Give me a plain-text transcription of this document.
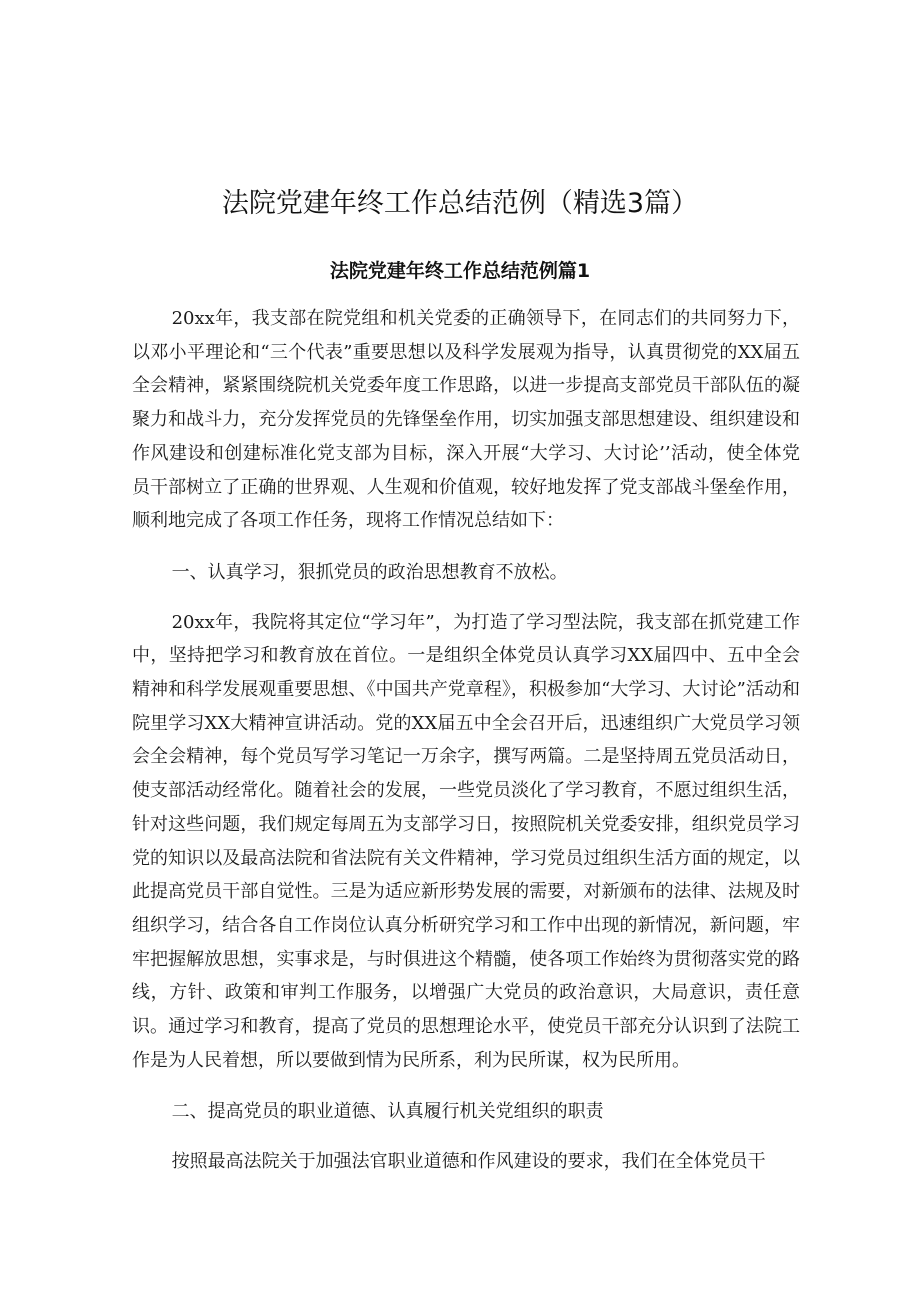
法院党建年终工作总结范例（精选3篇）
法院党建年终工作总结范例篇1

20xx年，我支部在院党组和机关党委的正确领导下，在同志们的共同努力下，以邓小平理论和“三个代表”重要思想以及科学发展观为指导，认真贯彻党的XX届五全会精神，紧紧围绕院机关党委年度工作思路，以进一步提高支部党员干部队伍的凝聚力和战斗力，充分发挥党员的先锋堡垒作用，切实加强支部思想建设、组织建设和作风建设和创建标准化党支部为目标，深入开展“大学习、大讨论’’活动，使全体党员干部树立了正确的世界观、人生观和价值观，较好地发挥了党支部战斗堡垒作用，顺利地完成了各项工作任务，现将工作情况总结如下：

一、认真学习，狠抓党员的政治思想教育不放松。

20xx年，我院将其定位“学习年”，为打造了学习型法院，我支部在抓党建工作中，坚持把学习和教育放在首位。一是组织全体党员认真学习XX届四中、五中全会精神和科学发展观重要思想、《中国共产党章程》，积极参加“大学习、大讨论”活动和院里学习XX大精神宣讲活动。党的XX届五中全会召开后，迅速组织广大党员学习领会全会精神，每个党员写学习笔记一万余字，撰写两篇。二是坚持周五党员活动日，使支部活动经常化。随着社会的发展，一些党员淡化了学习教育，不愿过组织生活，针对这些问题，我们规定每周五为支部学习日，按照院机关党委安排，组织党员学习党的知识以及最高法院和省法院有关文件精神，学习党员过组织生活方面的规定，以此提高党员干部自觉性。三是为适应新形势发展的需要，对新颁布的法律、法规及时组织学习，结合各自工作岗位认真分析研究学习和工作中出现的新情况，新问题，牢牢把握解放思想，实事求是，与时俱进这个精髓，使各项工作始终为贯彻落实党的路线，方针、政策和审判工作服务，以增强广大党员的政治意识，大局意识，责任意识。通过学习和教育，提高了党员的思想理论水平，使党员干部充分认识到了法院工作是为人民着想，所以要做到情为民所系，利为民所谋，权为民所用。

二、提高党员的职业道德、认真履行机关党组织的职责

按照最高法院关于加强法官职业道德和作风建设的要求，我们在全体党员干
